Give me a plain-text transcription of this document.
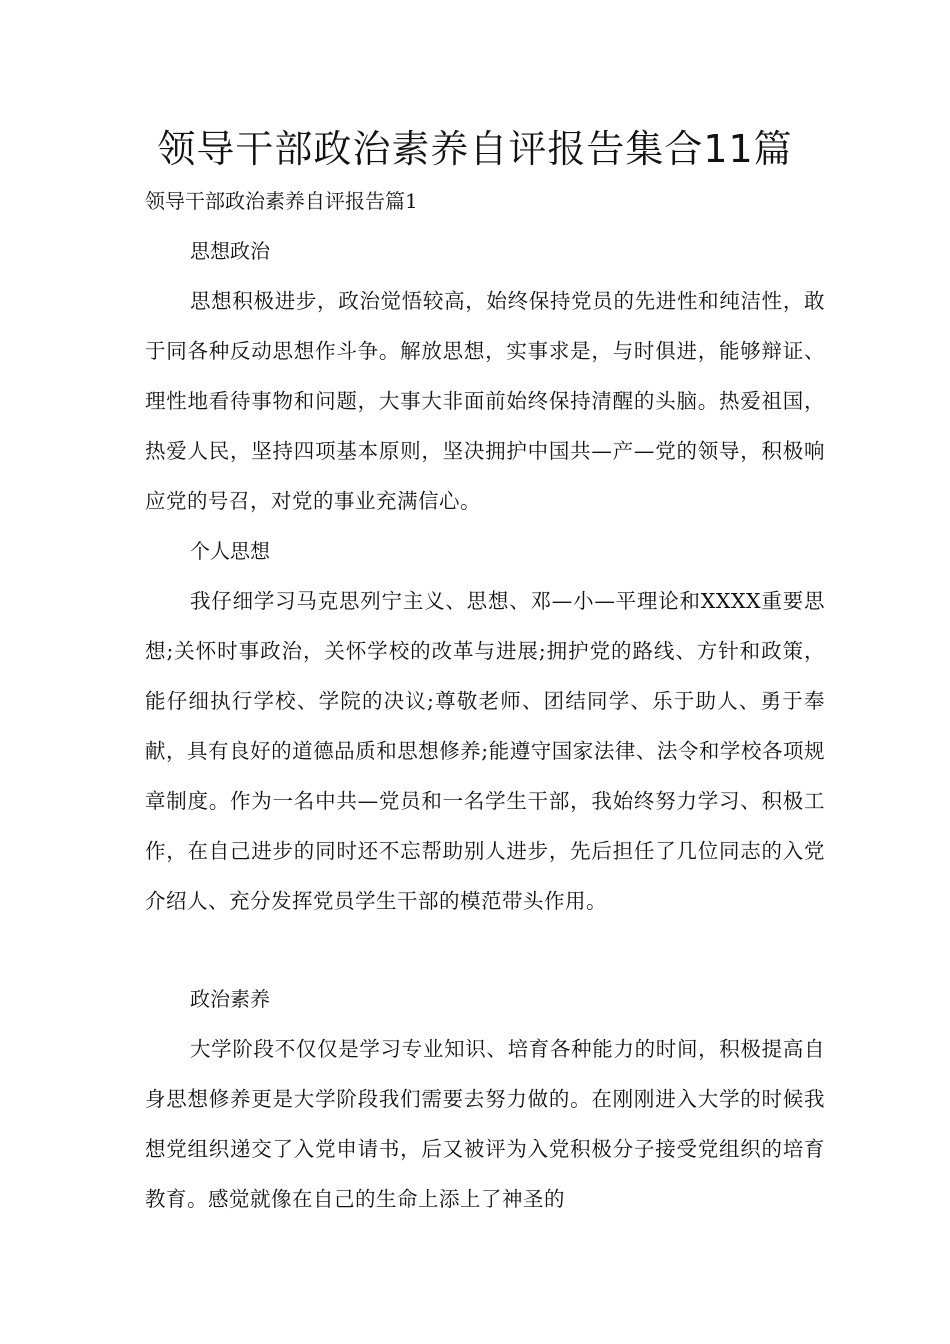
领导干部政治素养自评报告集合11篇

领导干部政治素养自评报告篇1

思想政治

思想积极进步，政治觉悟较高，始终保持党员的先进性和纯洁性，敢于同各种反动思想作斗争。解放思想，实事求是，与时俱进，能够辩证、理性地看待事物和问题，大事大非面前始终保持清醒的头脑。热爱祖国，热爱人民，坚持四项基本原则，坚决拥护中国共—产—党的领导，积极响应党的号召，对党的事业充满信心。

个人思想

我仔细学习马克思列宁主义、思想、邓—小—平理论和XXXX重要思想;关怀时事政治，关怀学校的改革与进展;拥护党的路线、方针和政策，能仔细执行学校、学院的决议;尊敬老师、团结同学、乐于助人、勇于奉献，具有良好的道德品质和思想修养;能遵守国家法律、法令和学校各项规章制度。作为一名中共—党员和一名学生干部，我始终努力学习、积极工作，在自己进步的同时还不忘帮助别人进步，先后担任了几位同志的入党介绍人、充分发挥党员学生干部的模范带头作用。

政治素养

大学阶段不仅仅是学习专业知识、培育各种能力的时间，积极提高自身思想修养更是大学阶段我们需要去努力做的。在刚刚进入大学的时候我想党组织递交了入党申请书，后又被评为入党积极分子接受党组织的培育教育。感觉就像在自己的生命上添上了神圣的
